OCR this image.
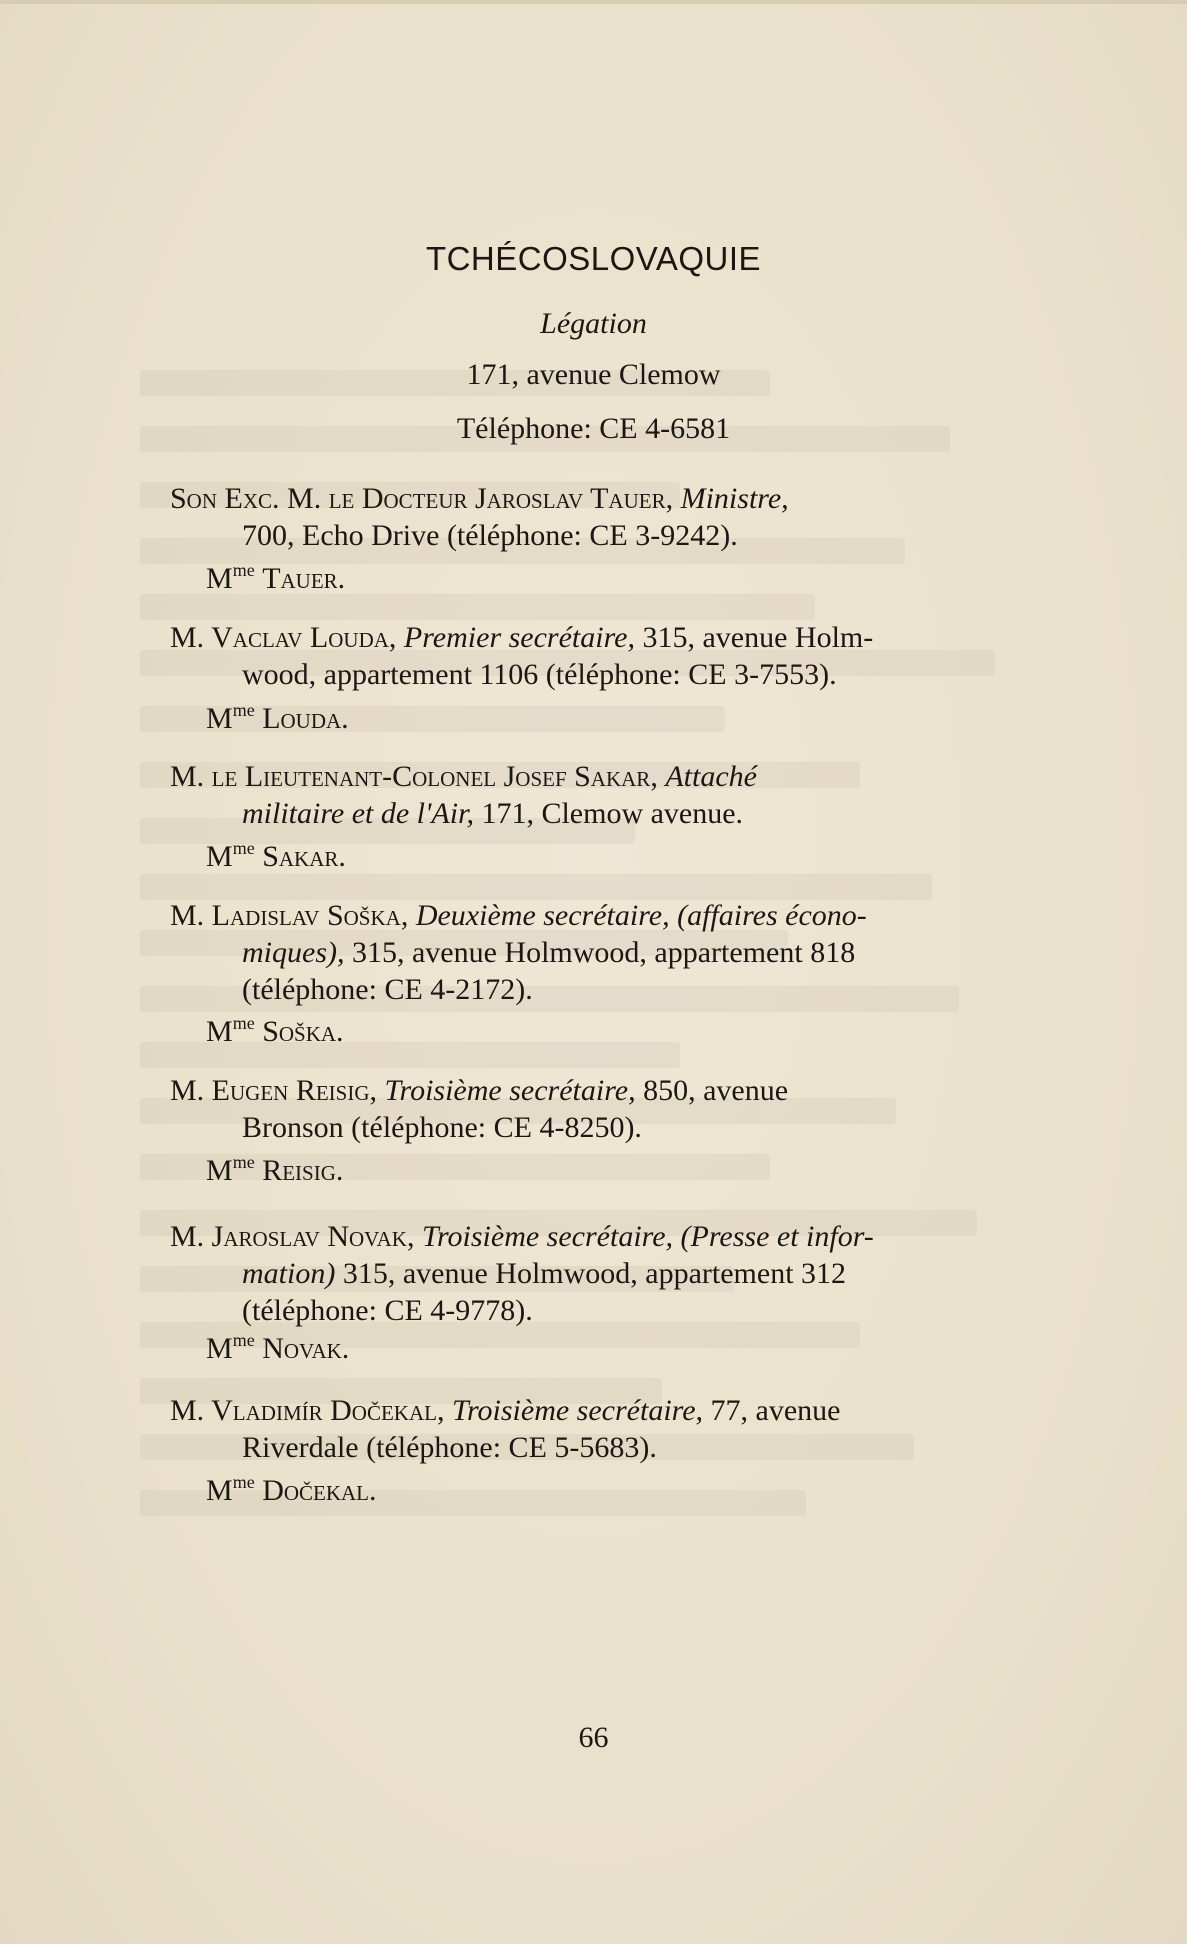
TCHÉCOSLOVAQUIE
Légation
171, avenue Clemow
Téléphone: CE 4-6581
Son Exc. M. le Docteur Jaroslav Tauer, Ministre,
700, Echo Drive (téléphone: CE 3-9242).
$M^{me}$ Tauer.
M. Vaclav Louda, Premier secrétaire, 315, avenue Holm-
wood, appartement 1106 (téléphone: CE 3-7553).
$M^{me}$ Louda.
M. le Lieutenant-Colonel Josef Sakar, Attaché
militaire et de l'Air, 171, Clemow avenue.
$M^{me}$ Sakar.
M. Ladislav Soška, Deuxième secrétaire, (affaires écono-
miques), 315, avenue Holmwood, appartement 818
(téléphone: CE 4-2172).
$M^{me}$ Soška.
M. Eugen Reisig, Troisième secrétaire, 850, avenue
Bronson (téléphone: CE 4-8250).
$M^{me}$ Reisig.
M. Jaroslav Novak, Troisième secrétaire, (Presse et infor-
mation) 315, avenue Holmwood, appartement 312
(téléphone: CE 4-9778).
$M^{me}$ Novak.
M. Vladimír Dočekal, Troisième secrétaire, 77, avenue
Riverdale (téléphone: CE 5-5683).
$M^{me}$ Dočekal.
66
